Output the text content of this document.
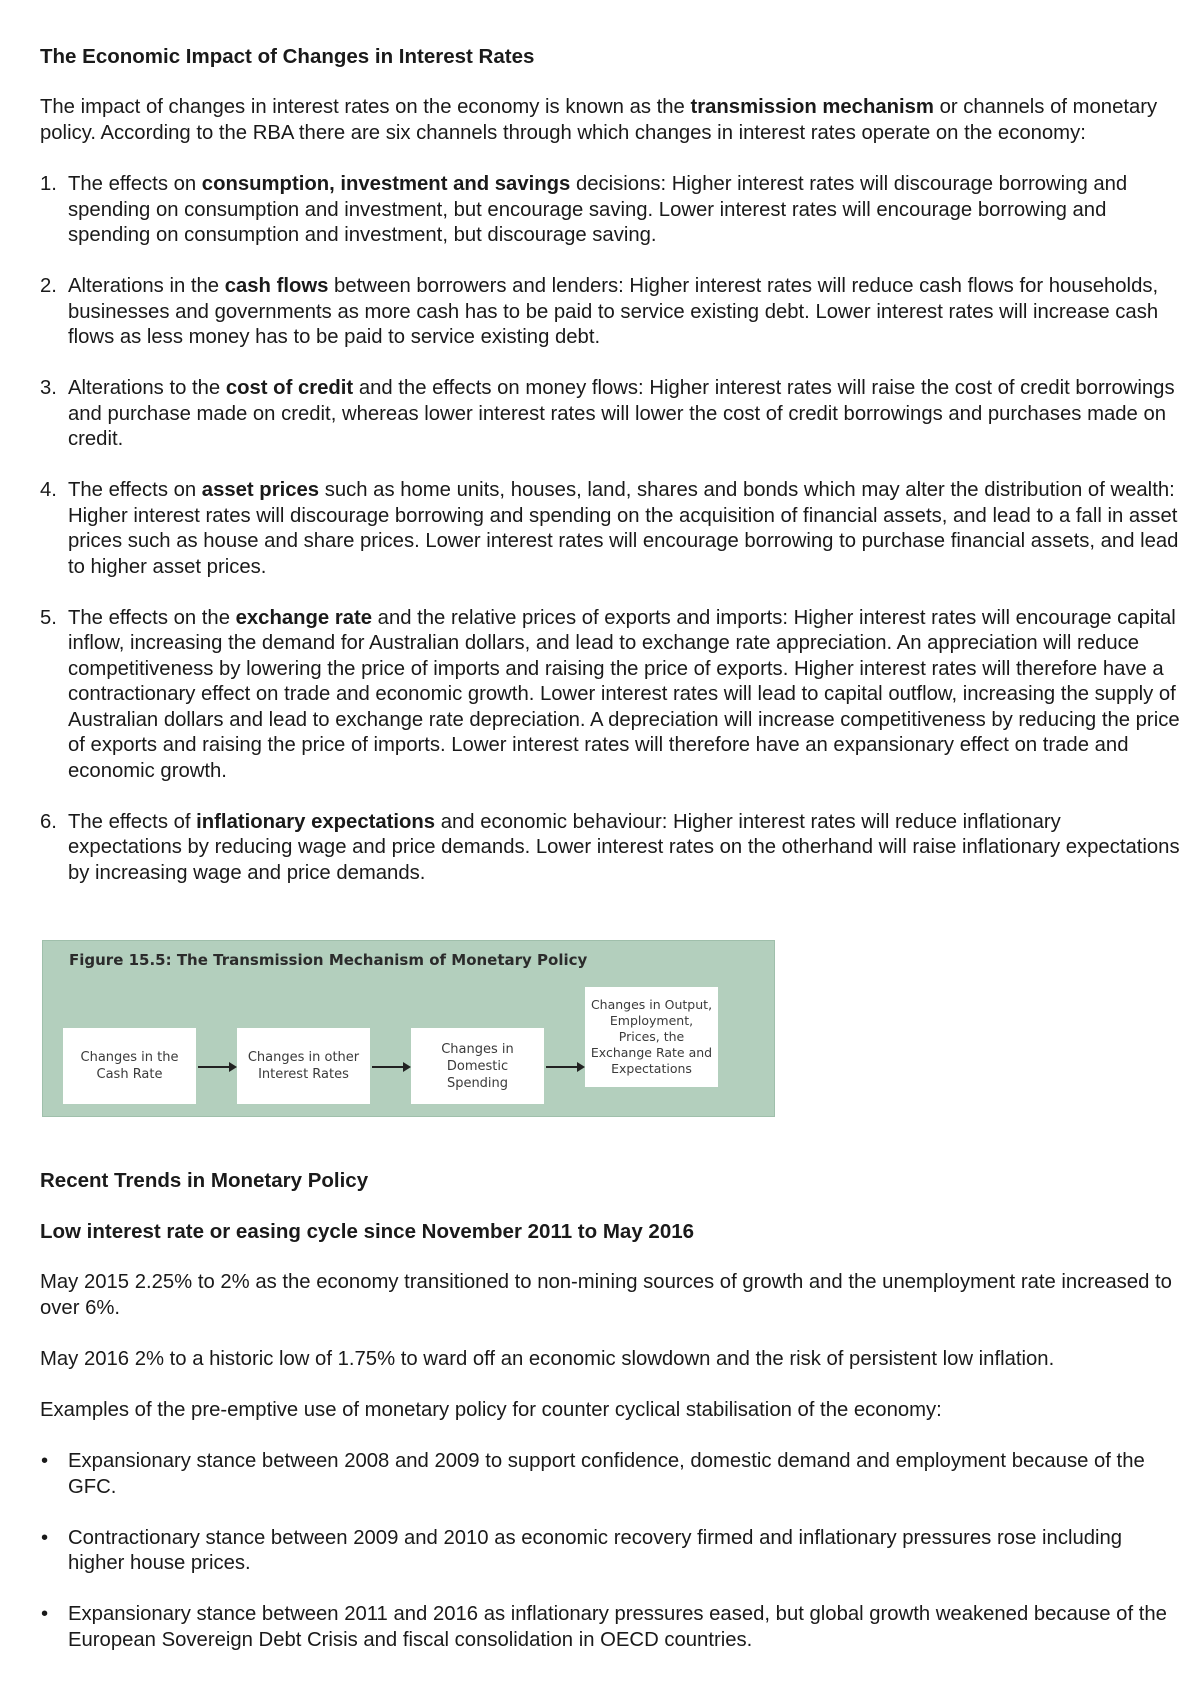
The Economic Impact of Changes in Interest Rates

The impact of changes in interest rates on the economy is known as the transmission mechanism or channels of monetary policy. According to the RBA there are six channels through which changes in interest rates operate on the economy:

1. The effects on consumption, investment and savings decisions: Higher interest rates will discourage borrowing and spending on consumption and investment, but encourage saving. Lower interest rates will encourage borrowing and spending on consumption and investment, but discourage saving.
2. Alterations in the cash flows between borrowers and lenders: Higher interest rates will reduce cash flows for households, businesses and governments as more cash has to be paid to service existing debt. Lower interest rates will increase cash flows as less money has to be paid to service existing debt.
3. Alterations to the cost of credit and the effects on money flows: Higher interest rates will raise the cost of credit borrowings and purchase made on credit, whereas lower interest rates will lower the cost of credit borrowings and purchases made on credit.
4. The effects on asset prices such as home units, houses, land, shares and bonds which may alter the distribution of wealth: Higher interest rates will discourage borrowing and spending on the acquisition of financial assets, and lead to a fall in asset prices such as house and share prices. Lower interest rates will encourage borrowing to purchase financial assets, and lead to higher asset prices.
5. The effects on the exchange rate and the relative prices of exports and imports: Higher interest rates will encourage capital inflow, increasing the demand for Australian dollars, and lead to exchange rate appreciation. An appreciation will reduce competitiveness by lowering the price of imports and raising the price of exports. Higher interest rates will therefore have a contractionary effect on trade and economic growth. Lower interest rates will lead to capital outflow, increasing the supply of Australian dollars and lead to exchange rate depreciation. A depreciation will increase competitiveness by reducing the price of exports and raising the price of imports. Lower interest rates will therefore have an expansionary effect on trade and economic growth.
6. The effects of inflationary expectations and economic behaviour: Higher interest rates will reduce inflationary expectations by reducing wage and price demands. Lower interest rates on the otherhand will raise inflationary expectations by increasing wage and price demands.
Figure 15.5: The Transmission Mechanism of Monetary Policy
Changes in the
Cash Rate
Changes in other
Interest Rates
Changes in
Domestic Spending
Changes in Output,
Employment,
Prices, the
Exchange Rate and
Expectations
Recent Trends in Monetary Policy
Low interest rate or easing cycle since November 2011 to May 2016

May 2015 2.25% to 2% as the economy transitioned to non-mining sources of growth and the unemployment rate increased to over 6%.

May 2016 2% to a historic low of 1.75% to ward off an economic slowdown and the risk of persistent low inflation.

Examples of the pre-emptive use of monetary policy for counter cyclical stabilisation of the economy:

• Expansionary stance between 2008 and 2009 to support confidence, domestic demand and employment because of the GFC.
• Contractionary stance between 2009 and 2010 as economic recovery firmed and inflationary pressures rose including higher house prices.
• Expansionary stance between 2011 and 2016 as inflationary pressures eased, but global growth weakened because of the European Sovereign Debt Crisis and fiscal consolidation in OECD countries.
